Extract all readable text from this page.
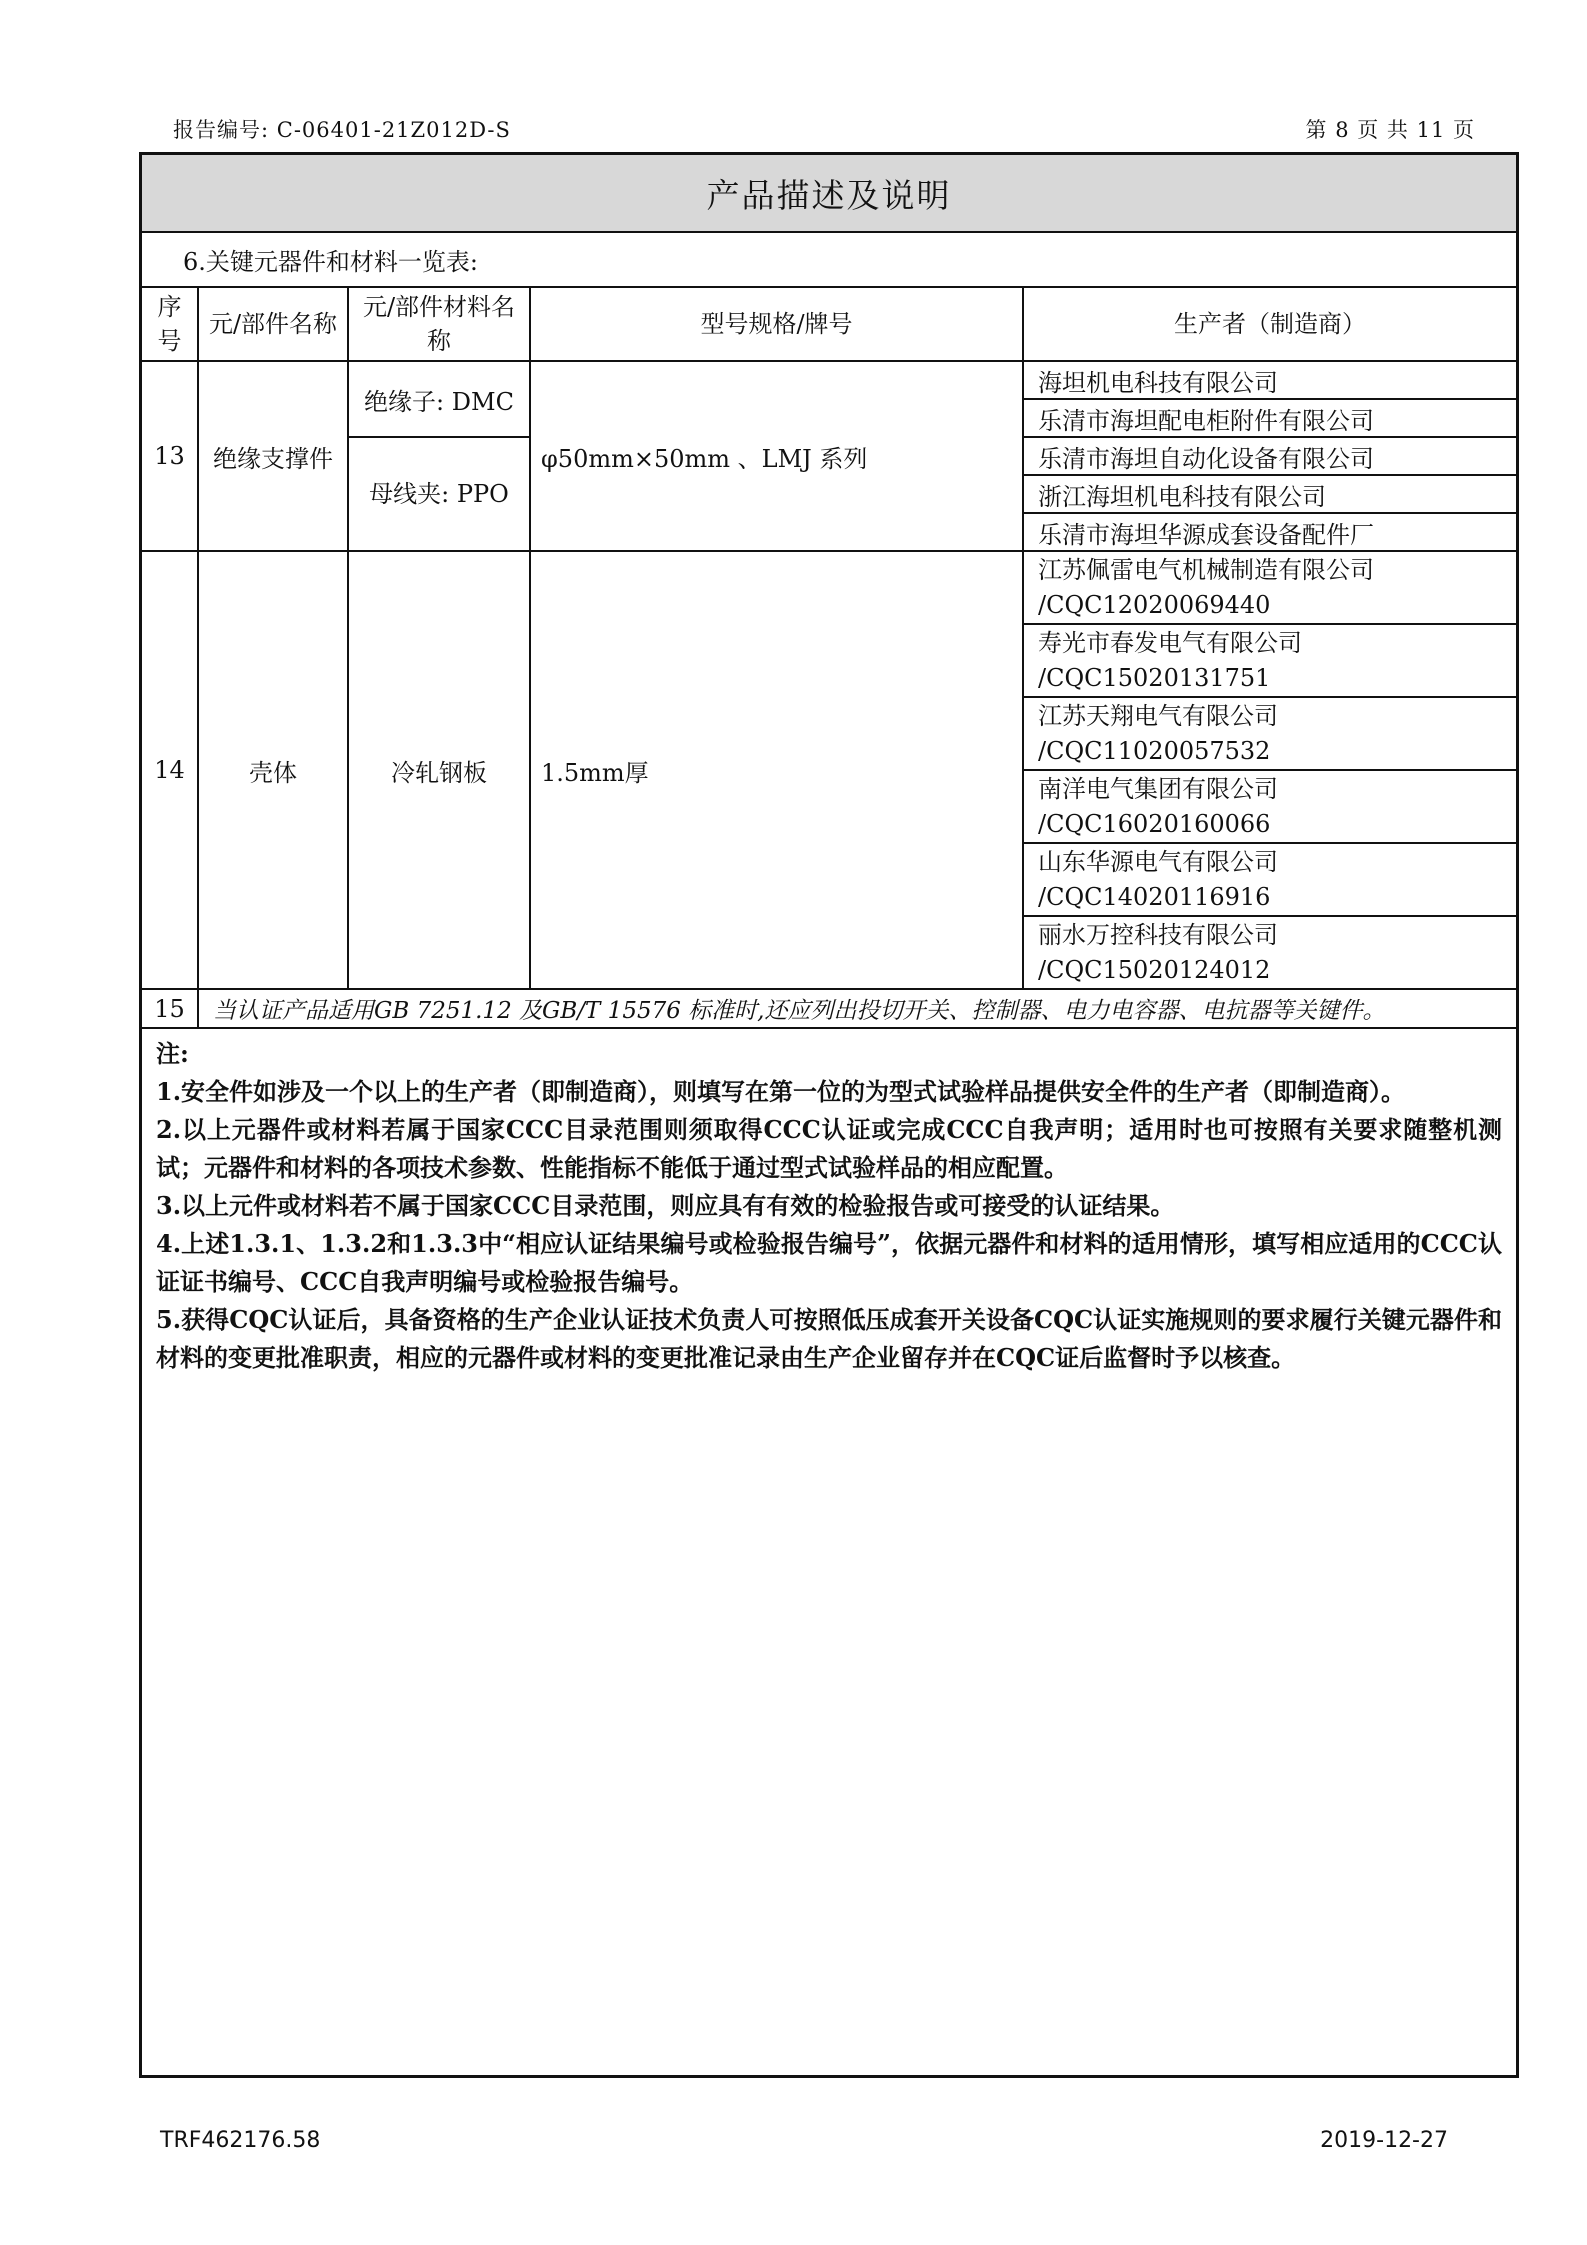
报告编号: C-06401-21Z012D-S	第 8 页 共 11 页
产品描述及说明
6.关键元器件和材料一览表:
序号	元/部件名称	元/部件材料名称	型号规格/牌号	生产者（制造商）
13	绝缘支撑件	绝缘子: DMC	φ50mm×50mm 、LMJ 系列	海坦机电科技有限公司
				乐清市海坦配电柜附件有限公司
		母线夹: PPO		乐清市海坦自动化设备有限公司
				浙江海坦机电科技有限公司
				乐清市海坦华源成套设备配件厂
14	壳体	冷轧钢板	1.5mm厚	江苏佩雷电气机械制造有限公司
/CQC12020069440

				寿光市春发电气有限公司
/CQC15020131751

				江苏天翔电气有限公司
/CQC11020057532

				南洋电气集团有限公司
/CQC16020160066

				山东华源电气有限公司
/CQC14020116916

				丽水万控科技有限公司
/CQC15020124012

15	当认证产品适用GB 7251.12 及GB/T 15576 标准时,还应列出投切开关、控制器、电力电容器、电抗器等关键件。			
注:
1.安全件如涉及一个以上的生产者（即制造商），则填写在第一位的为型式试验样品提供安全件的生产者（即制造商）。
2.以上元器件或材料若属于国家CCC目录范围则须取得CCC认证或完成CCC自我声明；适用时也可按照有关要求随整机测试；元器件和材料的各项技术参数、性能指标不能低于通过型式试验样品的相应配置。
3.以上元件或材料若不属于国家CCC目录范围，则应具有有效的检验报告或可接受的认证结果。
4.上述1.3.1、1.3.2和1.3.3中“相应认证结果编号或检验报告编号”，依据元器件和材料的适用情形，填写相应适用的CCC认证证书编号、CCC自我声明编号或检验报告编号。
5.获得CQC认证后，具备资格的生产企业认证技术负责人可按照低压成套开关设备CQC认证实施规则的要求履行关键元器件和材料的变更批准职责，相应的元器件或材料的变更批准记录由生产企业留存并在CQC证后监督时予以核查。
TRF462176.58	2019-12-27
